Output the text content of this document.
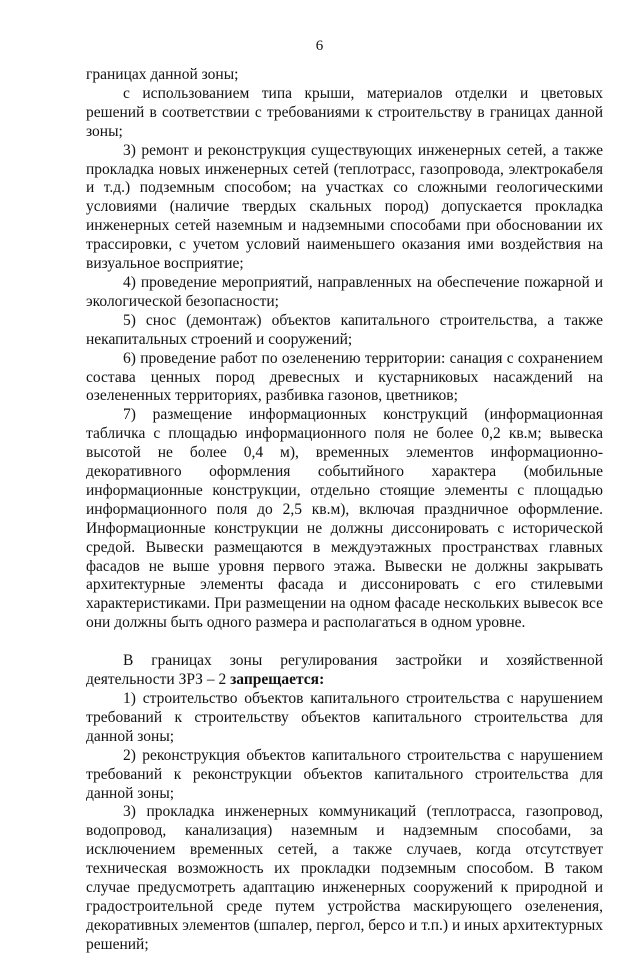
6

границах данной зоны;

с использованием типа крыши, материалов отделки и цветовых решений в соответствии с требованиями к строительству в границах данной зоны;

3) ремонт и реконструкция существующих инженерных сетей, а также прокладка новых инженерных сетей (теплотрасс, газопровода, электрокабеля и т.д.) подземным способом; на участках со сложными геологическими условиями (наличие твердых скальных пород) допускается прокладка инженерных сетей наземным и надземными способами при обосновании их трассировки, с учетом условий наименьшего оказания ими воздействия на визуальное восприятие;

4) проведение мероприятий, направленных на обеспечение пожарной и экологической безопасности;

5) снос (демонтаж) объектов капитального строительства, а также некапитальных строений и сооружений;

6) проведение работ по озеленению территории: санация с сохранением состава ценных пород древесных и кустарниковых насаждений на озелененных территориях, разбивка газонов, цветников;

7) размещение информационных конструкций (информационная табличка с площадью информационного поля не более 0,2 кв.м; вывеска высотой не более 0,4 м), временных элементов информационно-декоративного оформления событийного характера (мобильные информационные конструкции, отдельно стоящие элементы с площадью информационного поля до 2,5 кв.м), включая праздничное оформление. Информационные конструкции не должны диссонировать с исторической средой. Вывески размещаются в междуэтажных пространствах главных фасадов не выше уровня первого этажа. Вывески не должны закрывать архитектурные элементы фасада и диссонировать с его стилевыми характеристиками. При размещении на одном фасаде нескольких вывесок все они должны быть одного размера и располагаться в одном уровне.

В границах зоны регулирования застройки и хозяйственной деятельности ЗРЗ – 2 запрещается:

1) строительство объектов капитального строительства с нарушением требований к строительству объектов капитального строительства для данной зоны;

2) реконструкция объектов капитального строительства с нарушением требований к реконструкции объектов капитального строительства для данной зоны;

3) прокладка инженерных коммуникаций (теплотрасса, газопровод, водопровод, канализация) наземным и надземным способами, за исключением временных сетей, а также случаев, когда отсутствует техническая возможность их прокладки подземным способом. В таком случае предусмотреть адаптацию инженерных сооружений к природной и градостроительной среде путем устройства маскирующего озеленения, декоративных элементов (шпалер, пергол, берсо и т.п.) и иных архитектурных решений;
